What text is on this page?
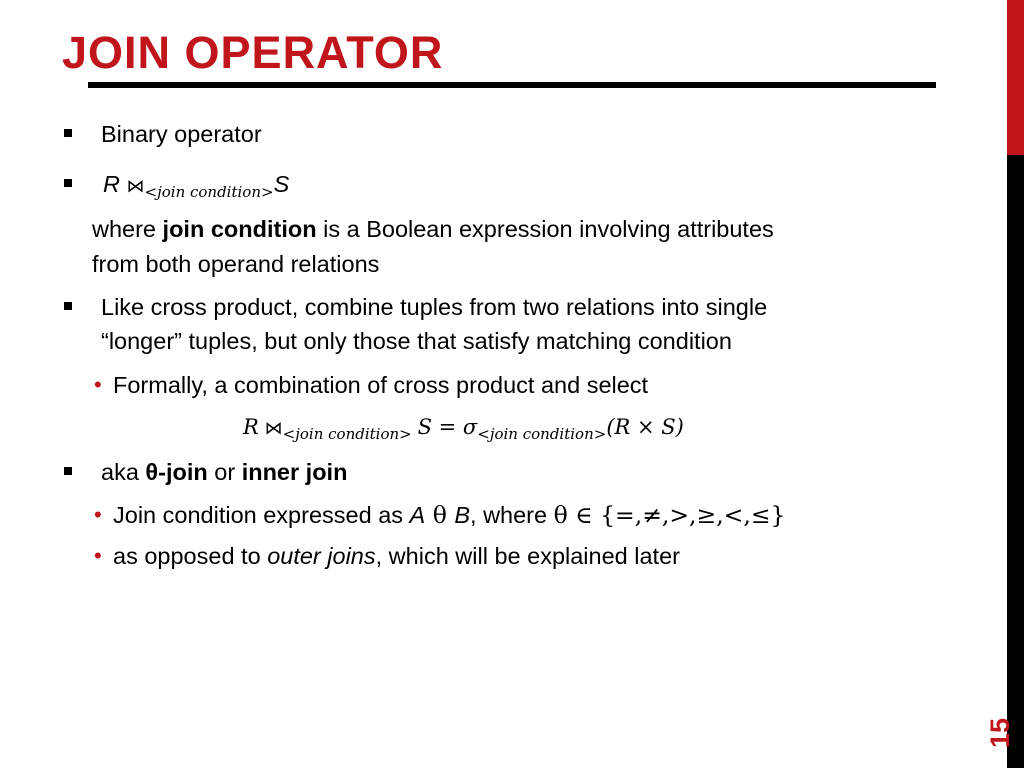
JOIN OPERATOR
15
Binary operator
R $⋈_{<join condition>}S$
where join condition is a Boolean expression involving attributes
from both operand relations
Like cross product, combine tuples from two relations into single
“longer” tuples, but only those that satisfy matching condition
• Formally, a combination of cross product and select
R $⋈_{<join condition>}$ $S = \sigma_{<join condition>}(R \times S)$
aka θ-join or inner join
• Join condition expressed as A θ B, where θ ∈ {=,≠,>,≥,<,≤}
• as opposed to outer joins, which will be explained later
